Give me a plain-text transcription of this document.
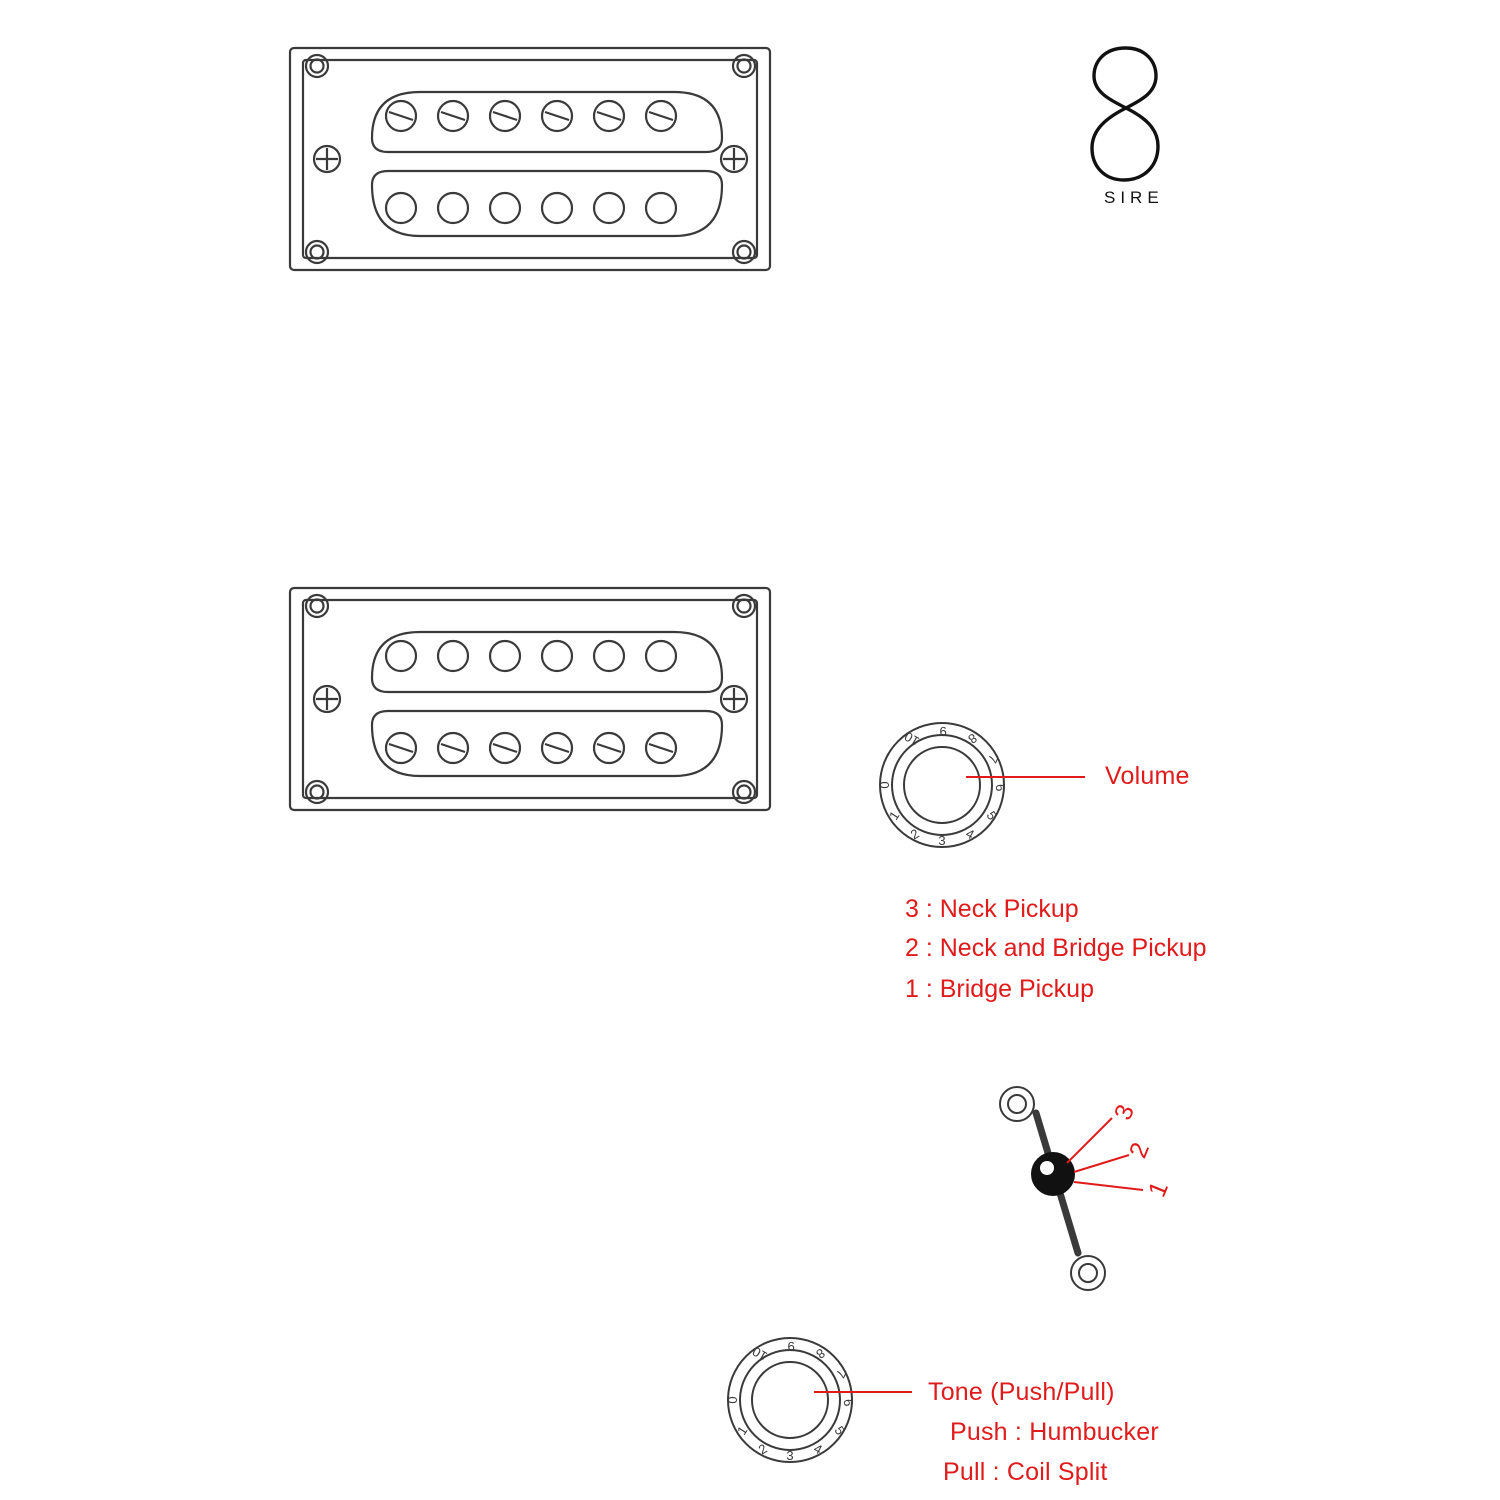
0
1
2 3 4
5
6
7
8
9
10
0
1
2 3 4
5
6
7
8
9
10
SIRE
Volume
3 : Neck Pickup
2 : Neck and Bridge Pickup
1 : Bridge Pickup
3
2
1
Tone (Push/Pull)
Push : Humbucker
Pull : Coil Split
